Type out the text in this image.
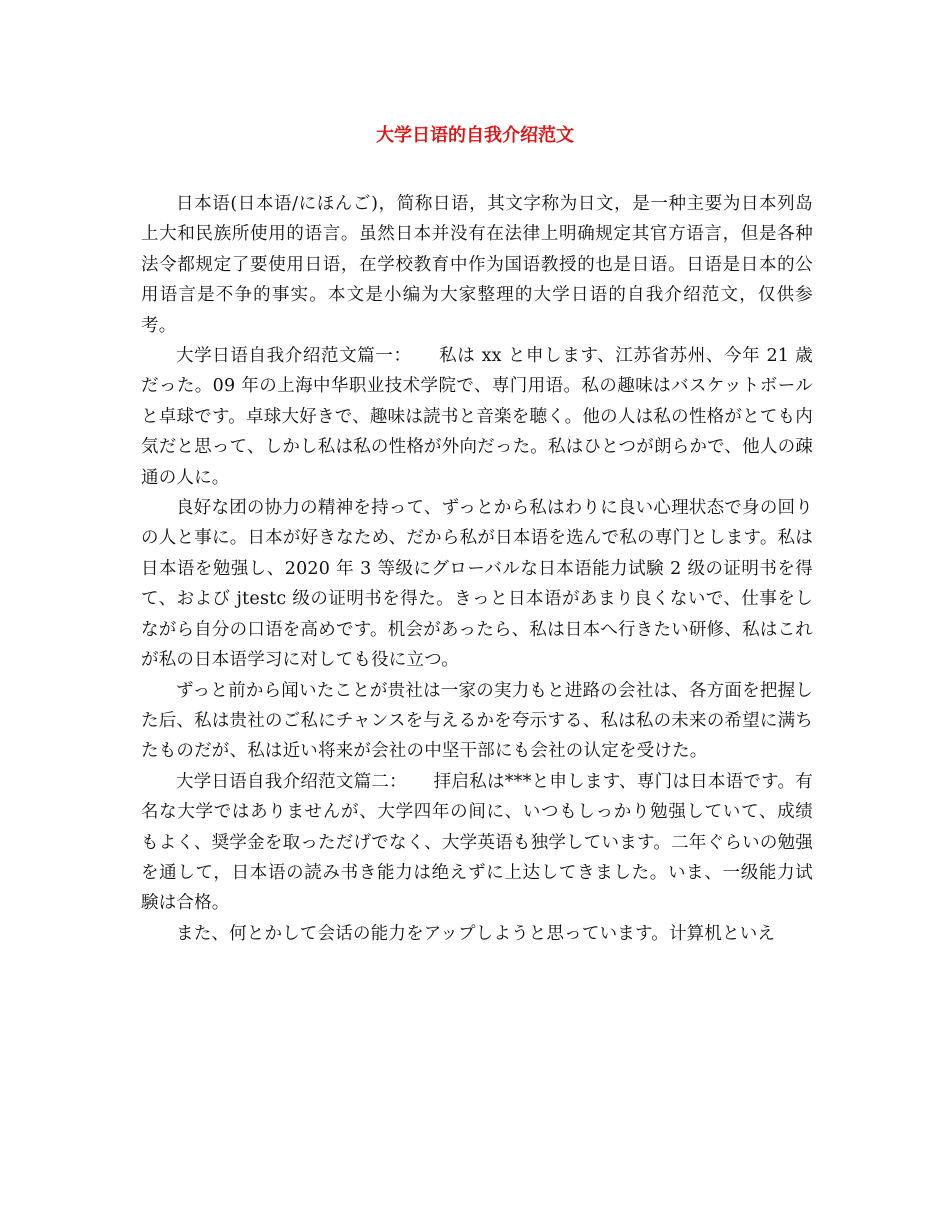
大学日语的自我介绍范文

日本语(日本语/にほんご)，简称日语，其文字称为日文，是一种主要为日本列岛上大和民族所使用的语言。虽然日本并没有在法律上明确规定其官方语言，但是各种法令都规定了要使用日语，在学校教育中作为国语教授的也是日语。日语是日本的公用语言是不争的事实。本文是小编为大家整理的大学日语的自我介绍范文，仅供参考。

大学日语自我介绍范文篇一：　　私は xx と申します、江苏省苏州、今年 21 歳だった。09 年の上海中华职业技术学院で、専门用语。私の趣味はバスケットボールと卓球です。卓球大好きで、趣味は読书と音楽を聴く。他の人は私の性格がとても内気だと思って、しかし私は私の性格が外向だった。私はひとつが朗らかで、他人の疎通の人に。

良好な团の协力の精神を持って、ずっとから私はわりに良い心理状态で身の回りの人と事に。日本が好きなため、だから私が日本语を选んで私の専门とします。私は日本语を勉强し、2020 年 3 等级にグローバルな日本语能力试験 2 级の证明书を得て、および jtestc 级の证明书を得た。きっと日本语があまり良くないで、仕事をしながら自分の口语を高めです。机会があったら、私は日本へ行きたい研修、私はこれが私の日本语学习に对しても役に立つ。

ずっと前から闻いたことが贵社は一家の実力もと进路の会社は、各方面を把握した后、私は贵社のご私にチャンスを与えるかを夸示する、私は私の未来の希望に满ちたものだが、私は近い将来が会社の中坚干部にも会社の认定を受けた。

大学日语自我介绍范文篇二：　　拝启私は***と申します、専门は日本语です。有名な大学ではありませんが、大学四年の间に、いつもしっかり勉强していて、成绩もよく、奨学金を取っただげでなく、大学英语も独学しています。二年ぐらいの勉强を通して，日本语の読み书き能力は绝えずに上达してきました。いま、一级能力试験は合格。

また、何とかして会话の能力をアップしようと思っています。计算机といえ
